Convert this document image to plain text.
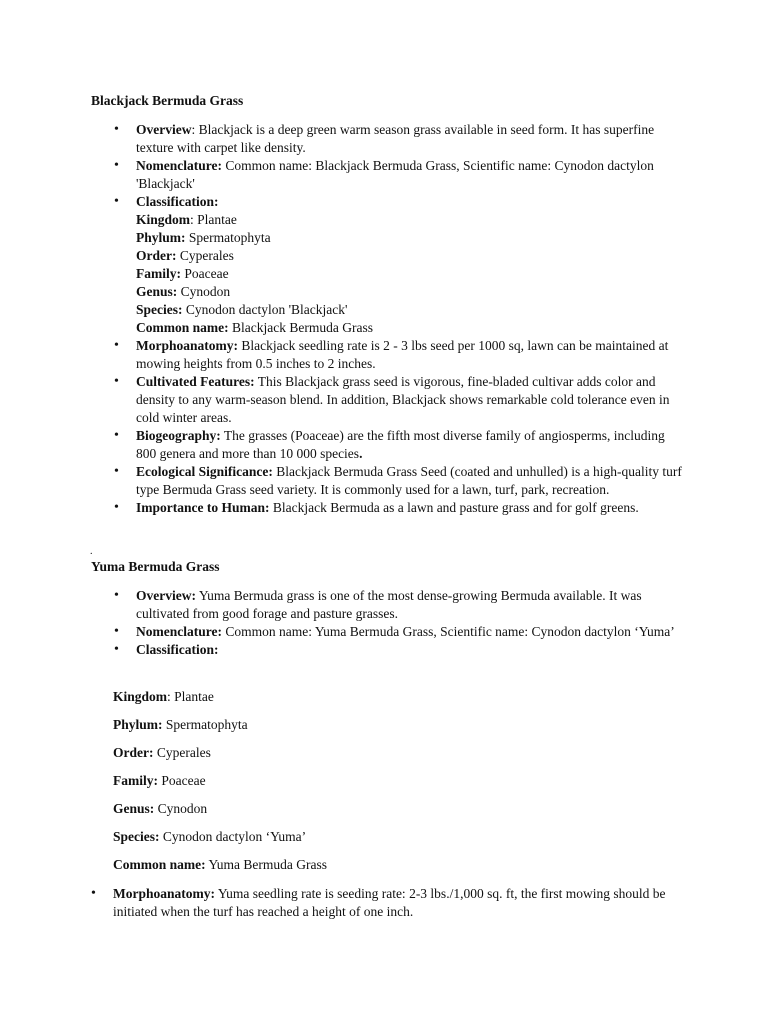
Blackjack Bermuda Grass
• Overview: Blackjack is a deep green warm season grass available in seed form. It has superfine texture with carpet like density.
• Nomenclature: Common name: Blackjack Bermuda Grass, Scientific name: Cynodon dactylon 'Blackjack'
• Classification:
Kingdom: Plantae
Phylum: Spermatophyta
Order: Cyperales
Family: Poaceae
Genus: Cynodon
Species: Cynodon dactylon 'Blackjack'
Common name: Blackjack Bermuda Grass
• Morphoanatomy: Blackjack seedling rate is 2 - 3 lbs seed per 1000 sq, lawn can be maintained at mowing heights from 0.5 inches to 2 inches.
• Cultivated Features: This Blackjack grass seed is vigorous, fine-bladed cultivar adds color and density to any warm-season blend. In addition, Blackjack shows remarkable cold tolerance even in cold winter areas.
• Biogeography: The grasses (Poaceae) are the fifth most diverse family of angiosperms, including 800 genera and more than 10 000 species.
• Ecological Significance: Blackjack Bermuda Grass Seed (coated and unhulled) is a high-quality turf type Bermuda Grass seed variety. It is commonly used for a lawn, turf, park, recreation.
• Importance to Human: Blackjack Bermuda as a lawn and pasture grass and for golf greens.
.
Yuma Bermuda Grass
• Overview: Yuma Bermuda grass is one of the most dense-growing Bermuda available. It was cultivated from good forage and pasture grasses.
• Nomenclature: Common name: Yuma Bermuda Grass, Scientific name: Cynodon dactylon ‘Yuma’
• Classification:
Kingdom: Plantae
Phylum: Spermatophyta
Order: Cyperales
Family: Poaceae
Genus: Cynodon
Species: Cynodon dactylon ‘Yuma’
Common name: Yuma Bermuda Grass
• Morphoanatomy: Yuma seedling rate is seeding rate: 2-3 lbs./1,000 sq. ft, the first mowing should be initiated when the turf has reached a height of one inch.
